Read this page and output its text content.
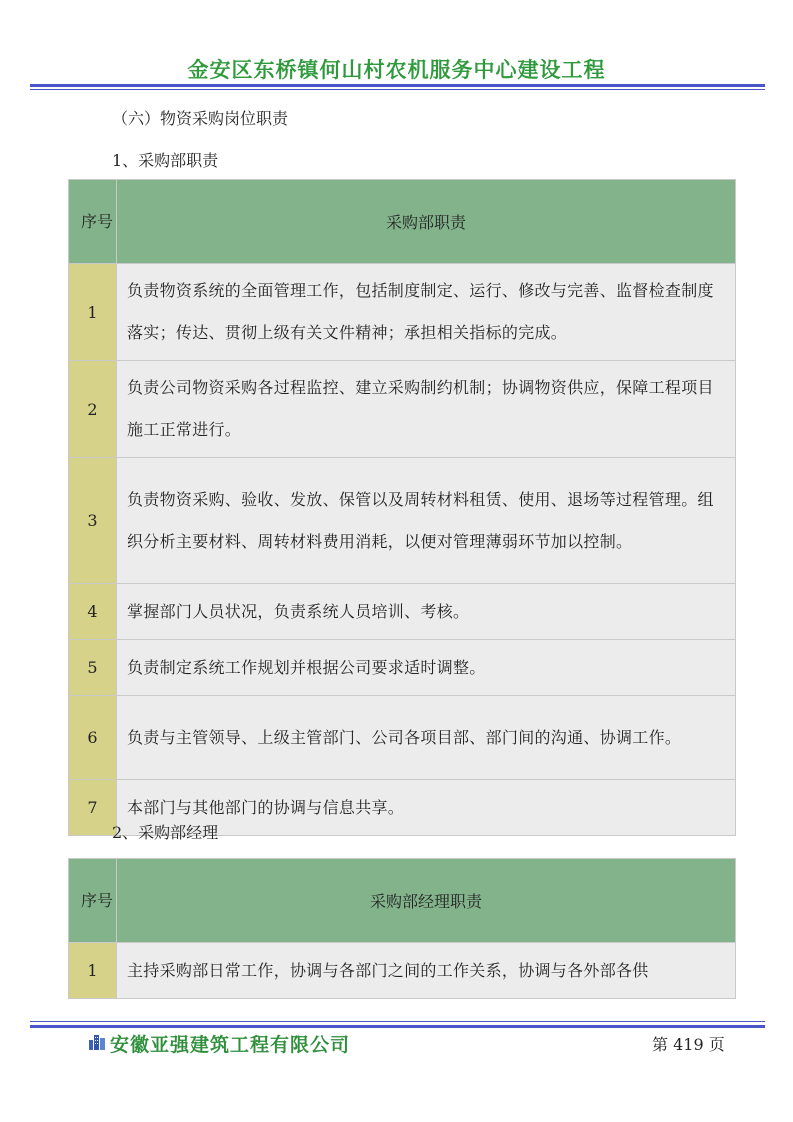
金安区东桥镇何山村农机服务中心建设工程
（六）物资采购岗位职责
1、采购部职责
序号	采购部职责
1	负责物资系统的全面管理工作，包括制度制定、运行、修改与完善、监督检查制度落实；传达、贯彻上级有关文件精神；承担相关指标的完成。
2	负责公司物资采购各过程监控、建立采购制约机制；协调物资供应，保障工程项目施工正常进行。
3	负责物资采购、验收、发放、保管以及周转材料租赁、使用、退场等过程管理。组织分析主要材料、周转材料费用消耗，以便对管理薄弱环节加以控制。
4	掌握部门人员状况，负责系统人员培训、考核。
5	负责制定系统工作规划并根据公司要求适时调整。
6	负责与主管领导、上级主管部门、公司各项目部、部门间的沟通、协调工作。
7	本部门与其他部门的协调与信息共享。
2、采购部经理
序号	采购部经理职责
1	主持采购部日常工作，协调与各部门之间的工作关系，协调与各外部各供
安徽亚强建筑工程有限公司	第 419 页
